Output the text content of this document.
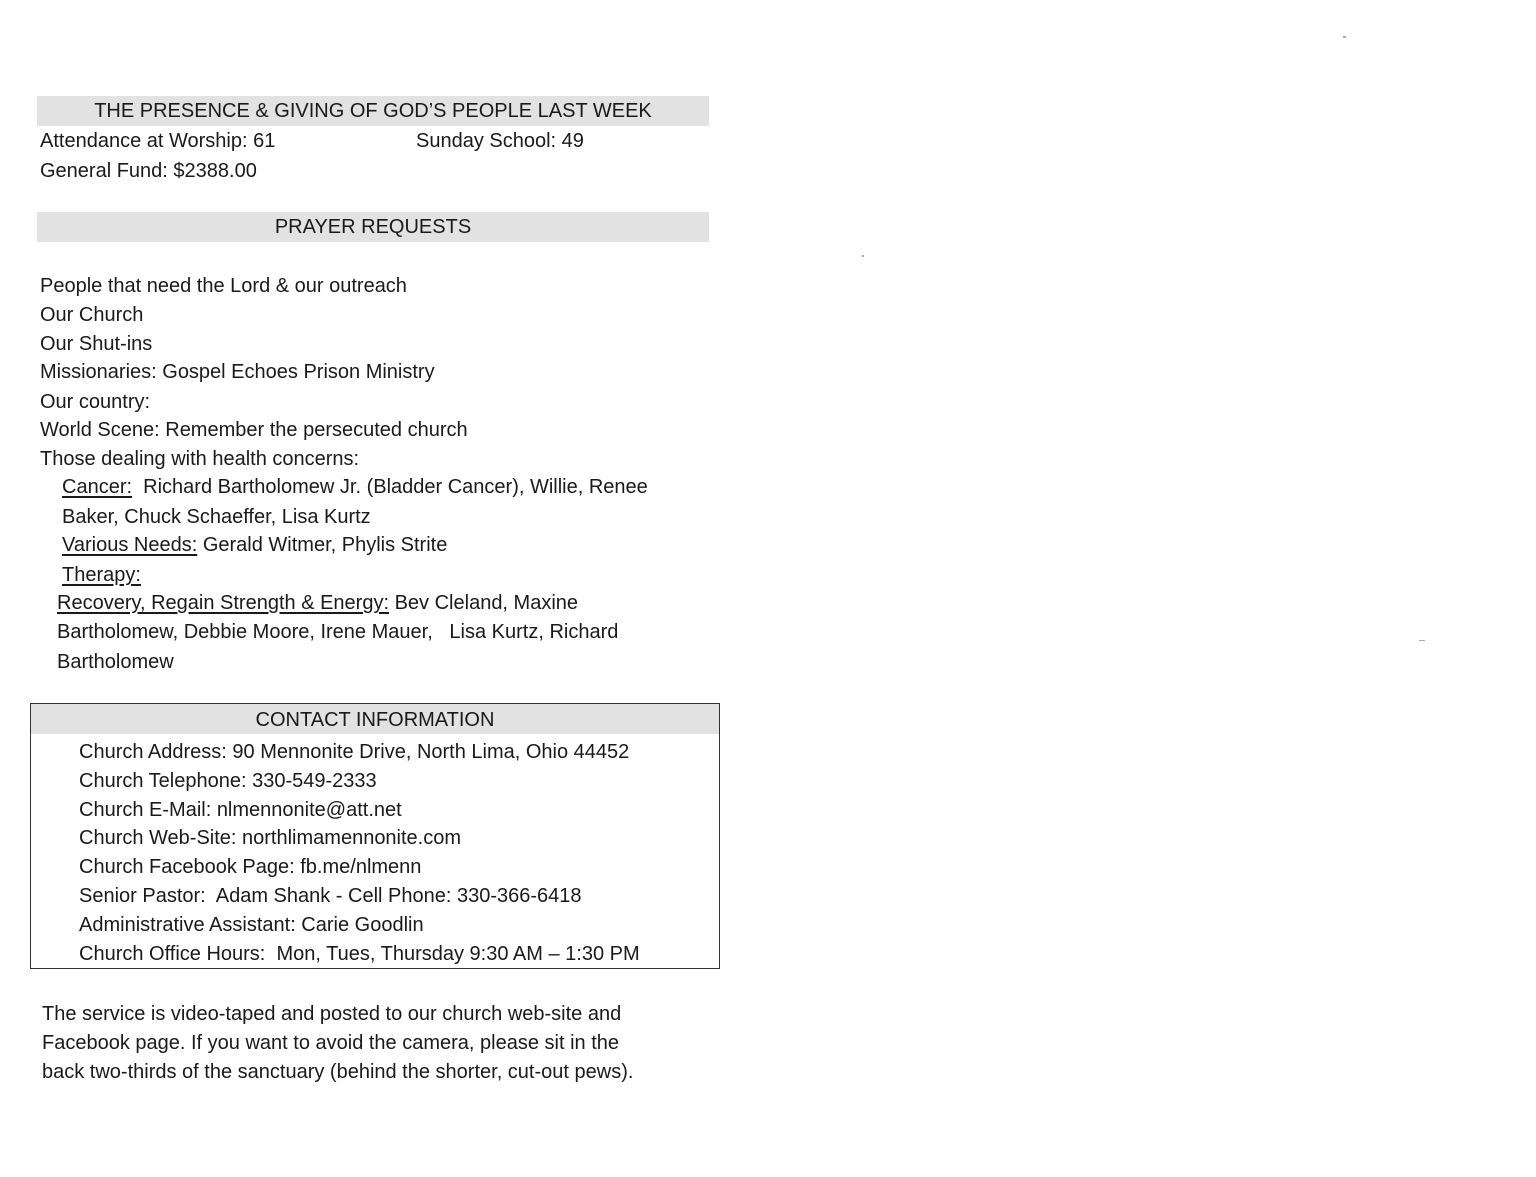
THE PRESENCE & GIVING OF GOD’S PEOPLE LAST WEEK
Attendance at Worship: 61	Sunday School: 49
General Fund: $2388.00
PRAYER REQUESTS
People that need the Lord & our outreach
Our Church
Our Shut-ins
Missionaries: Gospel Echoes Prison Ministry
Our country:
World Scene: Remember the persecuted church
Those dealing with health concerns:
Cancer: Richard Bartholomew Jr. (Bladder Cancer), Willie, Renee
Baker, Chuck Schaeffer, Lisa Kurtz
Various Needs: Gerald Witmer, Phylis Strite
Therapy:
Recovery, Regain Strength & Energy: Bev Cleland, Maxine
Bartholomew, Debbie Moore, Irene Mauer,   Lisa Kurtz, Richard
Bartholomew
CONTACT INFORMATION
Church Address: 90 Mennonite Drive, North Lima, Ohio 44452
Church Telephone: 330-549-2333
Church E-Mail: nlmennonite@att.net
Church Web-Site: northlimamennonite.com
Church Facebook Page: fb.me/nlmenn
Senior Pastor:  Adam Shank - Cell Phone: 330-366-6418
Administrative Assistant: Carie Goodlin
Church Office Hours:  Mon, Tues, Thursday 9:30 AM – 1:30 PM
The service is video-taped and posted to our church web-site and
Facebook page. If you want to avoid the camera, please sit in the
back two-thirds of the sanctuary (behind the shorter, cut-out pews).
